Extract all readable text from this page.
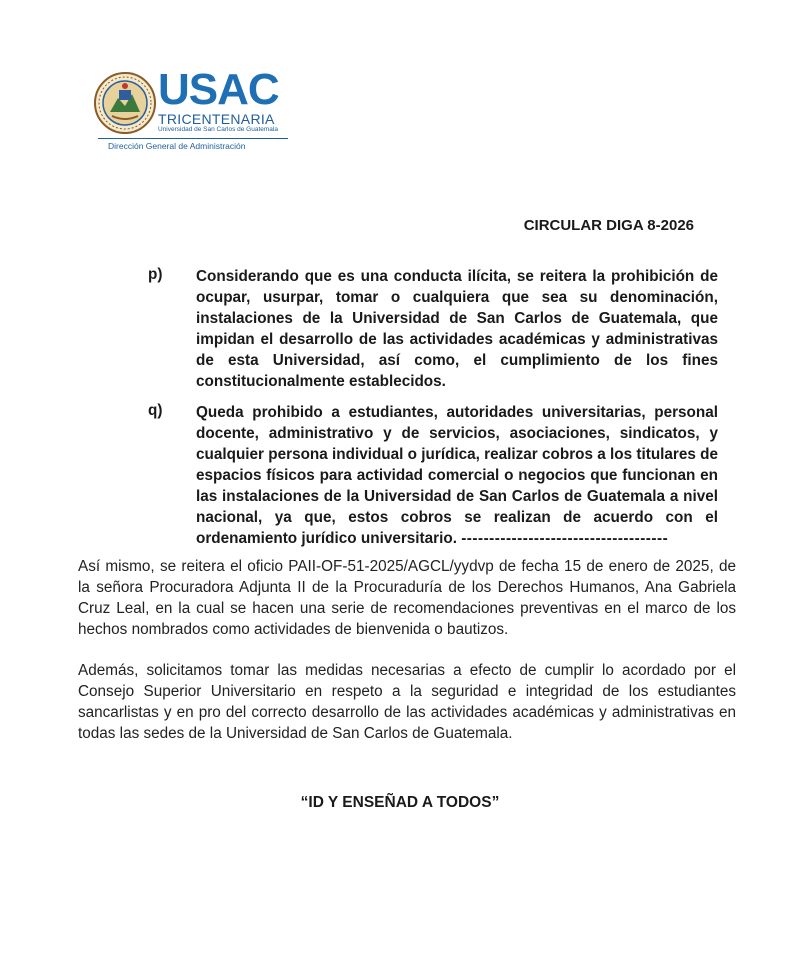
USAC
TRICENTENARIA
Universidad de San Carlos de Guatemala
Dirección General de Administración
CIRCULAR DIGA 8-2026
p) Considerando que es una conducta ilícita, se reitera la prohibición de ocupar, usurpar, tomar o cualquiera que sea su denominación, instalaciones de la Universidad de San Carlos de Guatemala, que impidan el desarrollo de las actividades académicas y administrativas de esta Universidad, así como, el cumplimiento de los fines constitucionalmente establecidos.
q) Queda prohibido a estudiantes, autoridades universitarias, personal docente, administrativo y de servicios, asociaciones, sindicatos, y cualquier persona individual o jurídica, realizar cobros a los titulares de espacios físicos para actividad comercial o negocios que funcionan en las instalaciones de la Universidad de San Carlos de Guatemala a nivel nacional, ya que, estos cobros se realizan de acuerdo con el ordenamiento jurídico universitario. -------------------------------------
Así mismo, se reitera el oficio PAII-OF-51-2025/AGCL/yydvp de fecha 15 de enero de 2025, de la señora Procuradora Adjunta II de la Procuraduría de los Derechos Humanos, Ana Gabriela Cruz Leal, en la cual se hacen una serie de recomendaciones preventivas en el marco de los hechos nombrados como actividades de bienvenida o bautizos.
Además, solicitamos tomar las medidas necesarias a efecto de cumplir lo acordado por el Consejo Superior Universitario en respeto a la seguridad e integridad de los estudiantes sancarlistas y en pro del correcto desarrollo de las actividades académicas y administrativas en todas las sedes de la Universidad de San Carlos de Guatemala.
“ID Y ENSEÑAD A TODOS”
